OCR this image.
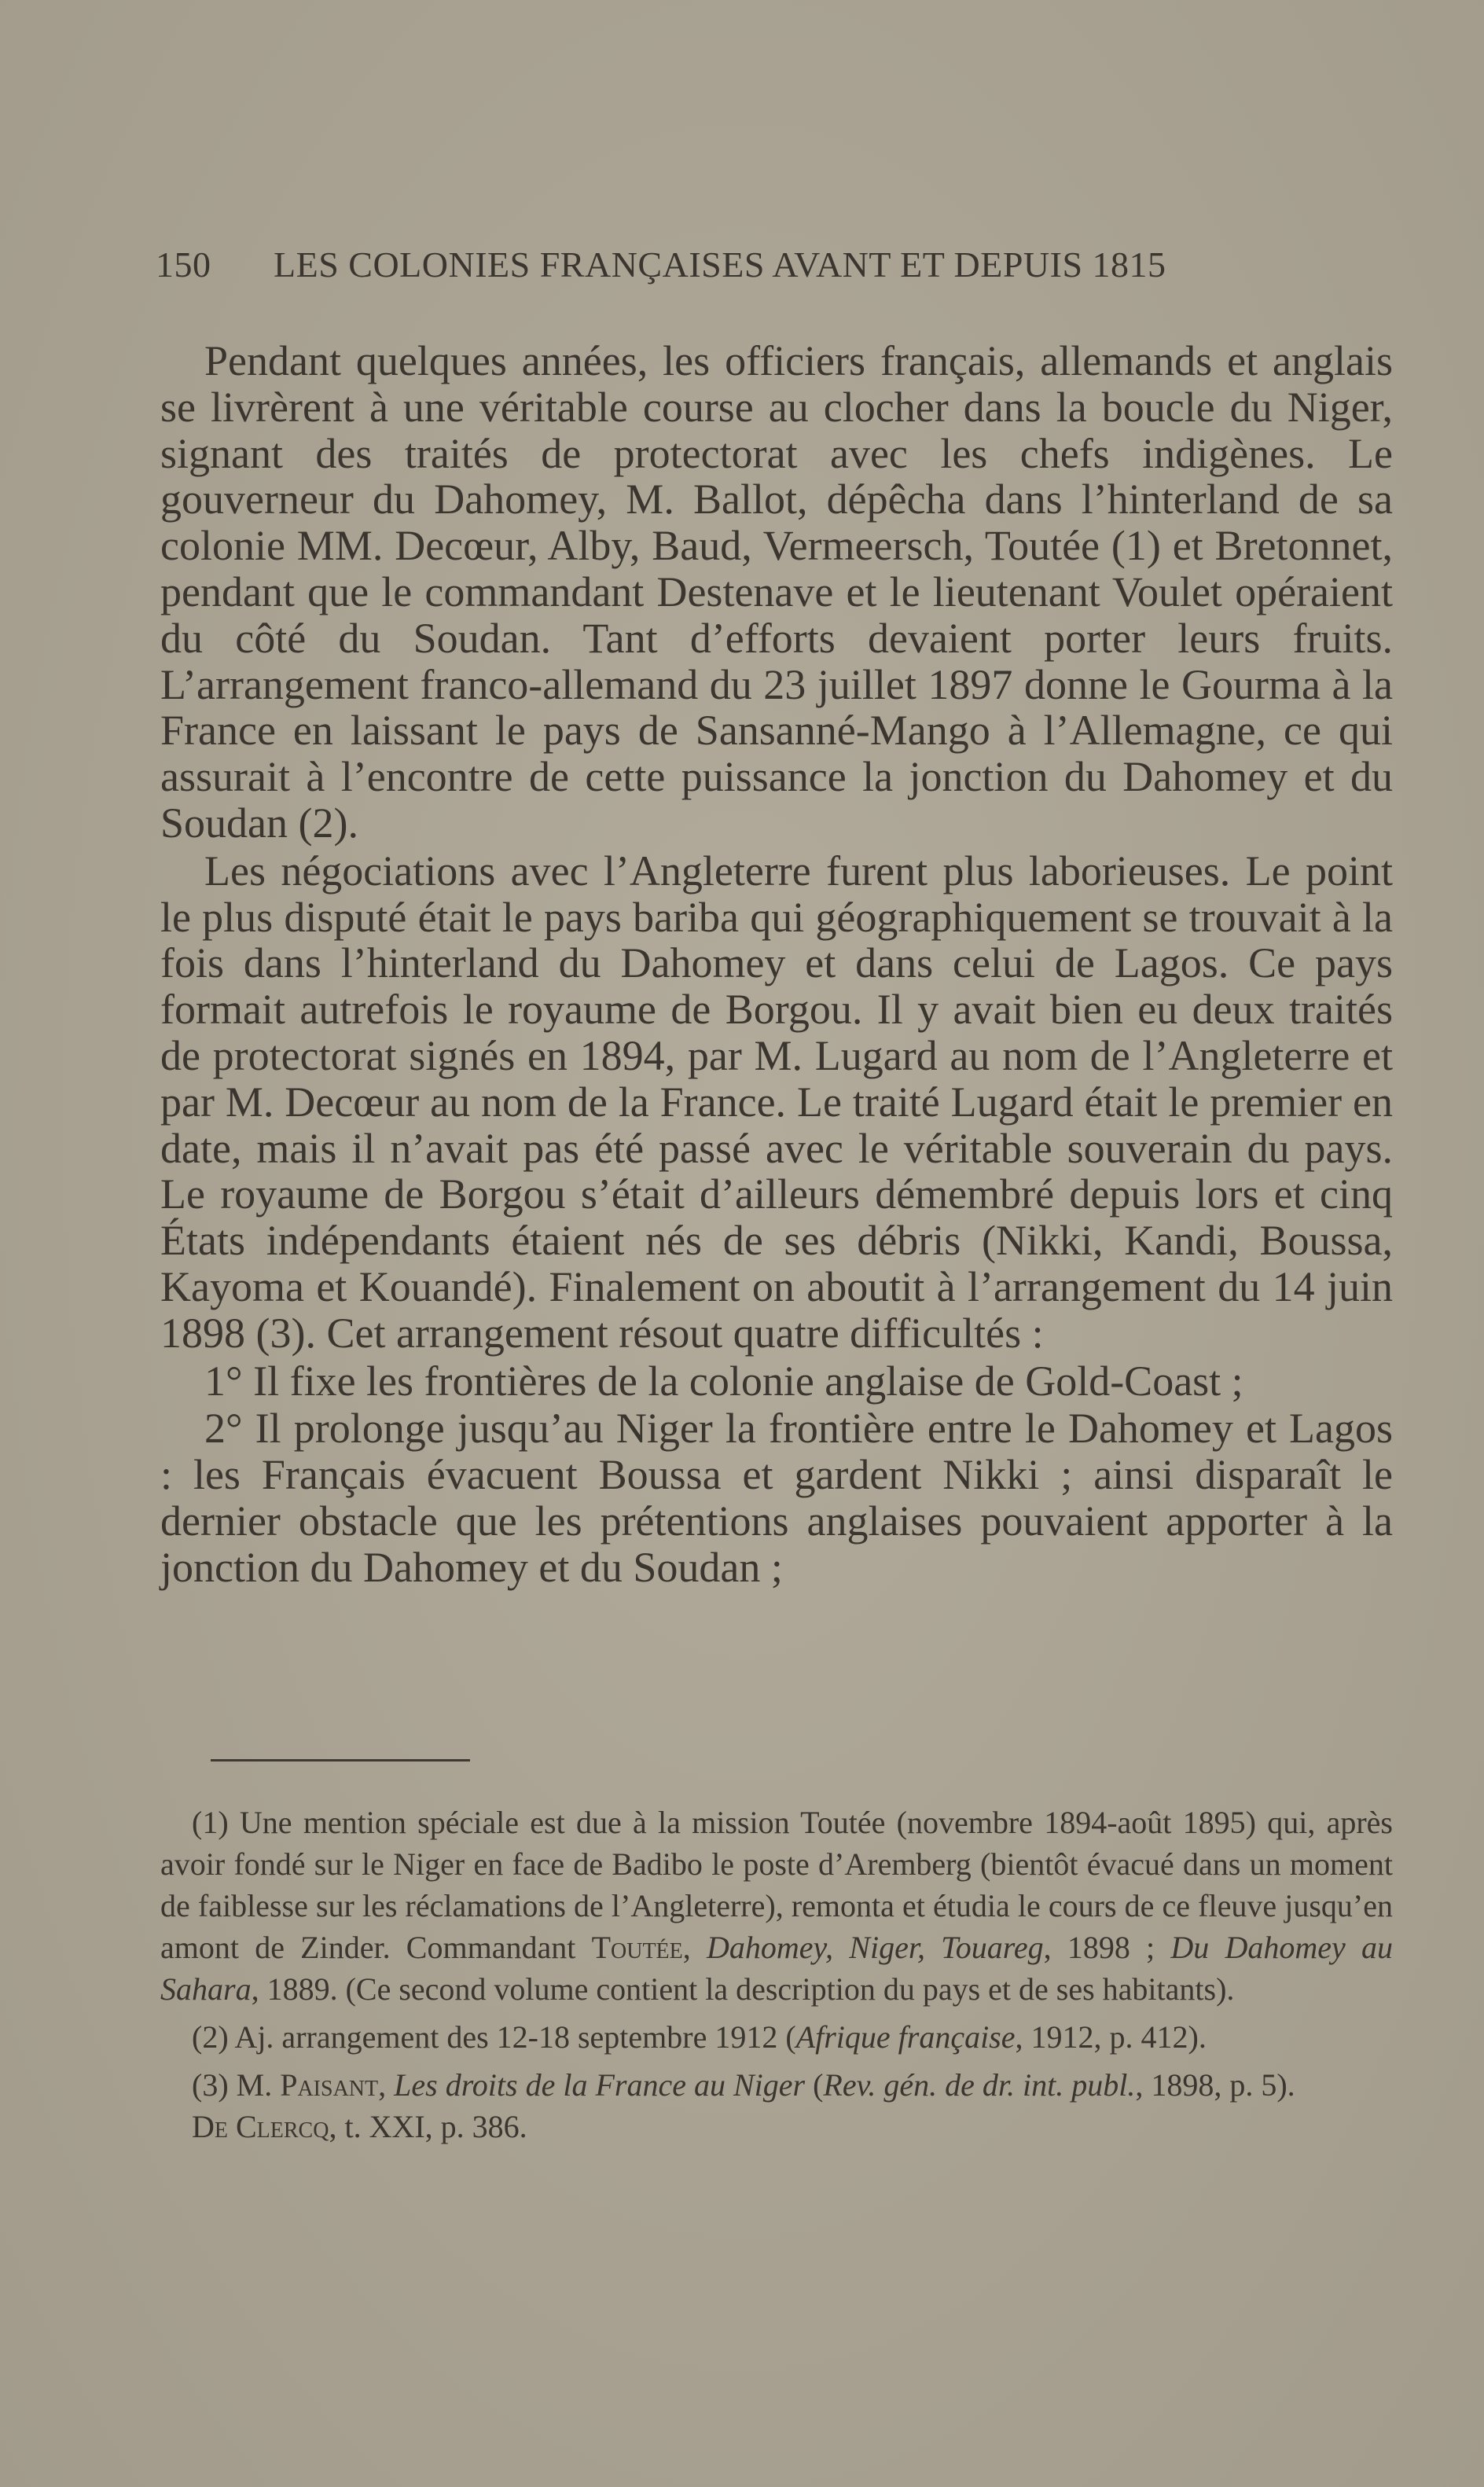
150 LES COLONIES FRANÇAISES AVANT ET DEPUIS 1815

Pendant quelques années, les officiers français, allemands et anglais se livrèrent à une véritable course au clocher dans la boucle du Niger, signant des traités de protectorat avec les chefs indigènes. Le gouverneur du Dahomey, M. Ballot, dépêcha dans l’hinterland de sa colonie MM. Decœur, Alby, Baud, Vermeersch, Toutée (1) et Bretonnet, pendant que le commandant Destenave et le lieutenant Voulet opéraient du côté du Soudan. Tant d’efforts devaient porter leurs fruits. L’arrangement franco-allemand du 23 juillet 1897 donne le Gourma à la France en laissant le pays de Sansanné-Mango à l’Allemagne, ce qui assurait à l’encontre de cette puissance la jonction du Dahomey et du Soudan (2).

Les négociations avec l’Angleterre furent plus laborieuses. Le point le plus disputé était le pays bariba qui géographiquement se trouvait à la fois dans l’hinterland du Dahomey et dans celui de Lagos. Ce pays formait autrefois le royaume de Borgou. Il y avait bien eu deux traités de protectorat signés en 1894, par M. Lugard au nom de l’Angleterre et par M. Decœur au nom de la France. Le traité Lugard était le premier en date, mais il n’avait pas été passé avec le véritable souverain du pays. Le royaume de Borgou s’était d’ailleurs démembré depuis lors et cinq États indépendants étaient nés de ses débris (Nikki, Kandi, Boussa, Kayoma et Kouandé). Finalement on aboutit à l’arrangement du 14 juin 1898 (3). Cet arrangement résout quatre difficultés :

1° Il fixe les frontières de la colonie anglaise de Gold-Coast ;

2° Il prolonge jusqu’au Niger la frontière entre le Dahomey et Lagos : les Français évacuent Boussa et gardent Nikki ; ainsi disparaît le dernier obstacle que les prétentions anglaises pouvaient apporter à la jonction du Dahomey et du Soudan ;

(1) Une mention spéciale est due à la mission Toutée (novembre 1894-août 1895) qui, après avoir fondé sur le Niger en face de Badibo le poste d’Aremberg (bientôt évacué dans un moment de faiblesse sur les réclamations de l’Angleterre), remonta et étudia le cours de ce fleuve jusqu’en amont de Zinder. Commandant Toutée, Dahomey, Niger, Touareg, 1898 ; Du Dahomey au Sahara, 1889. (Ce second volume contient la description du pays et de ses habitants).

(2) Aj. arrangement des 12-18 septembre 1912 (Afrique française, 1912, p. 412).

(3) M. Paisant, Les droits de la France au Niger (Rev. gén. de dr. int. publ., 1898, p. 5).

De Clercq, t. XXI, p. 386.
